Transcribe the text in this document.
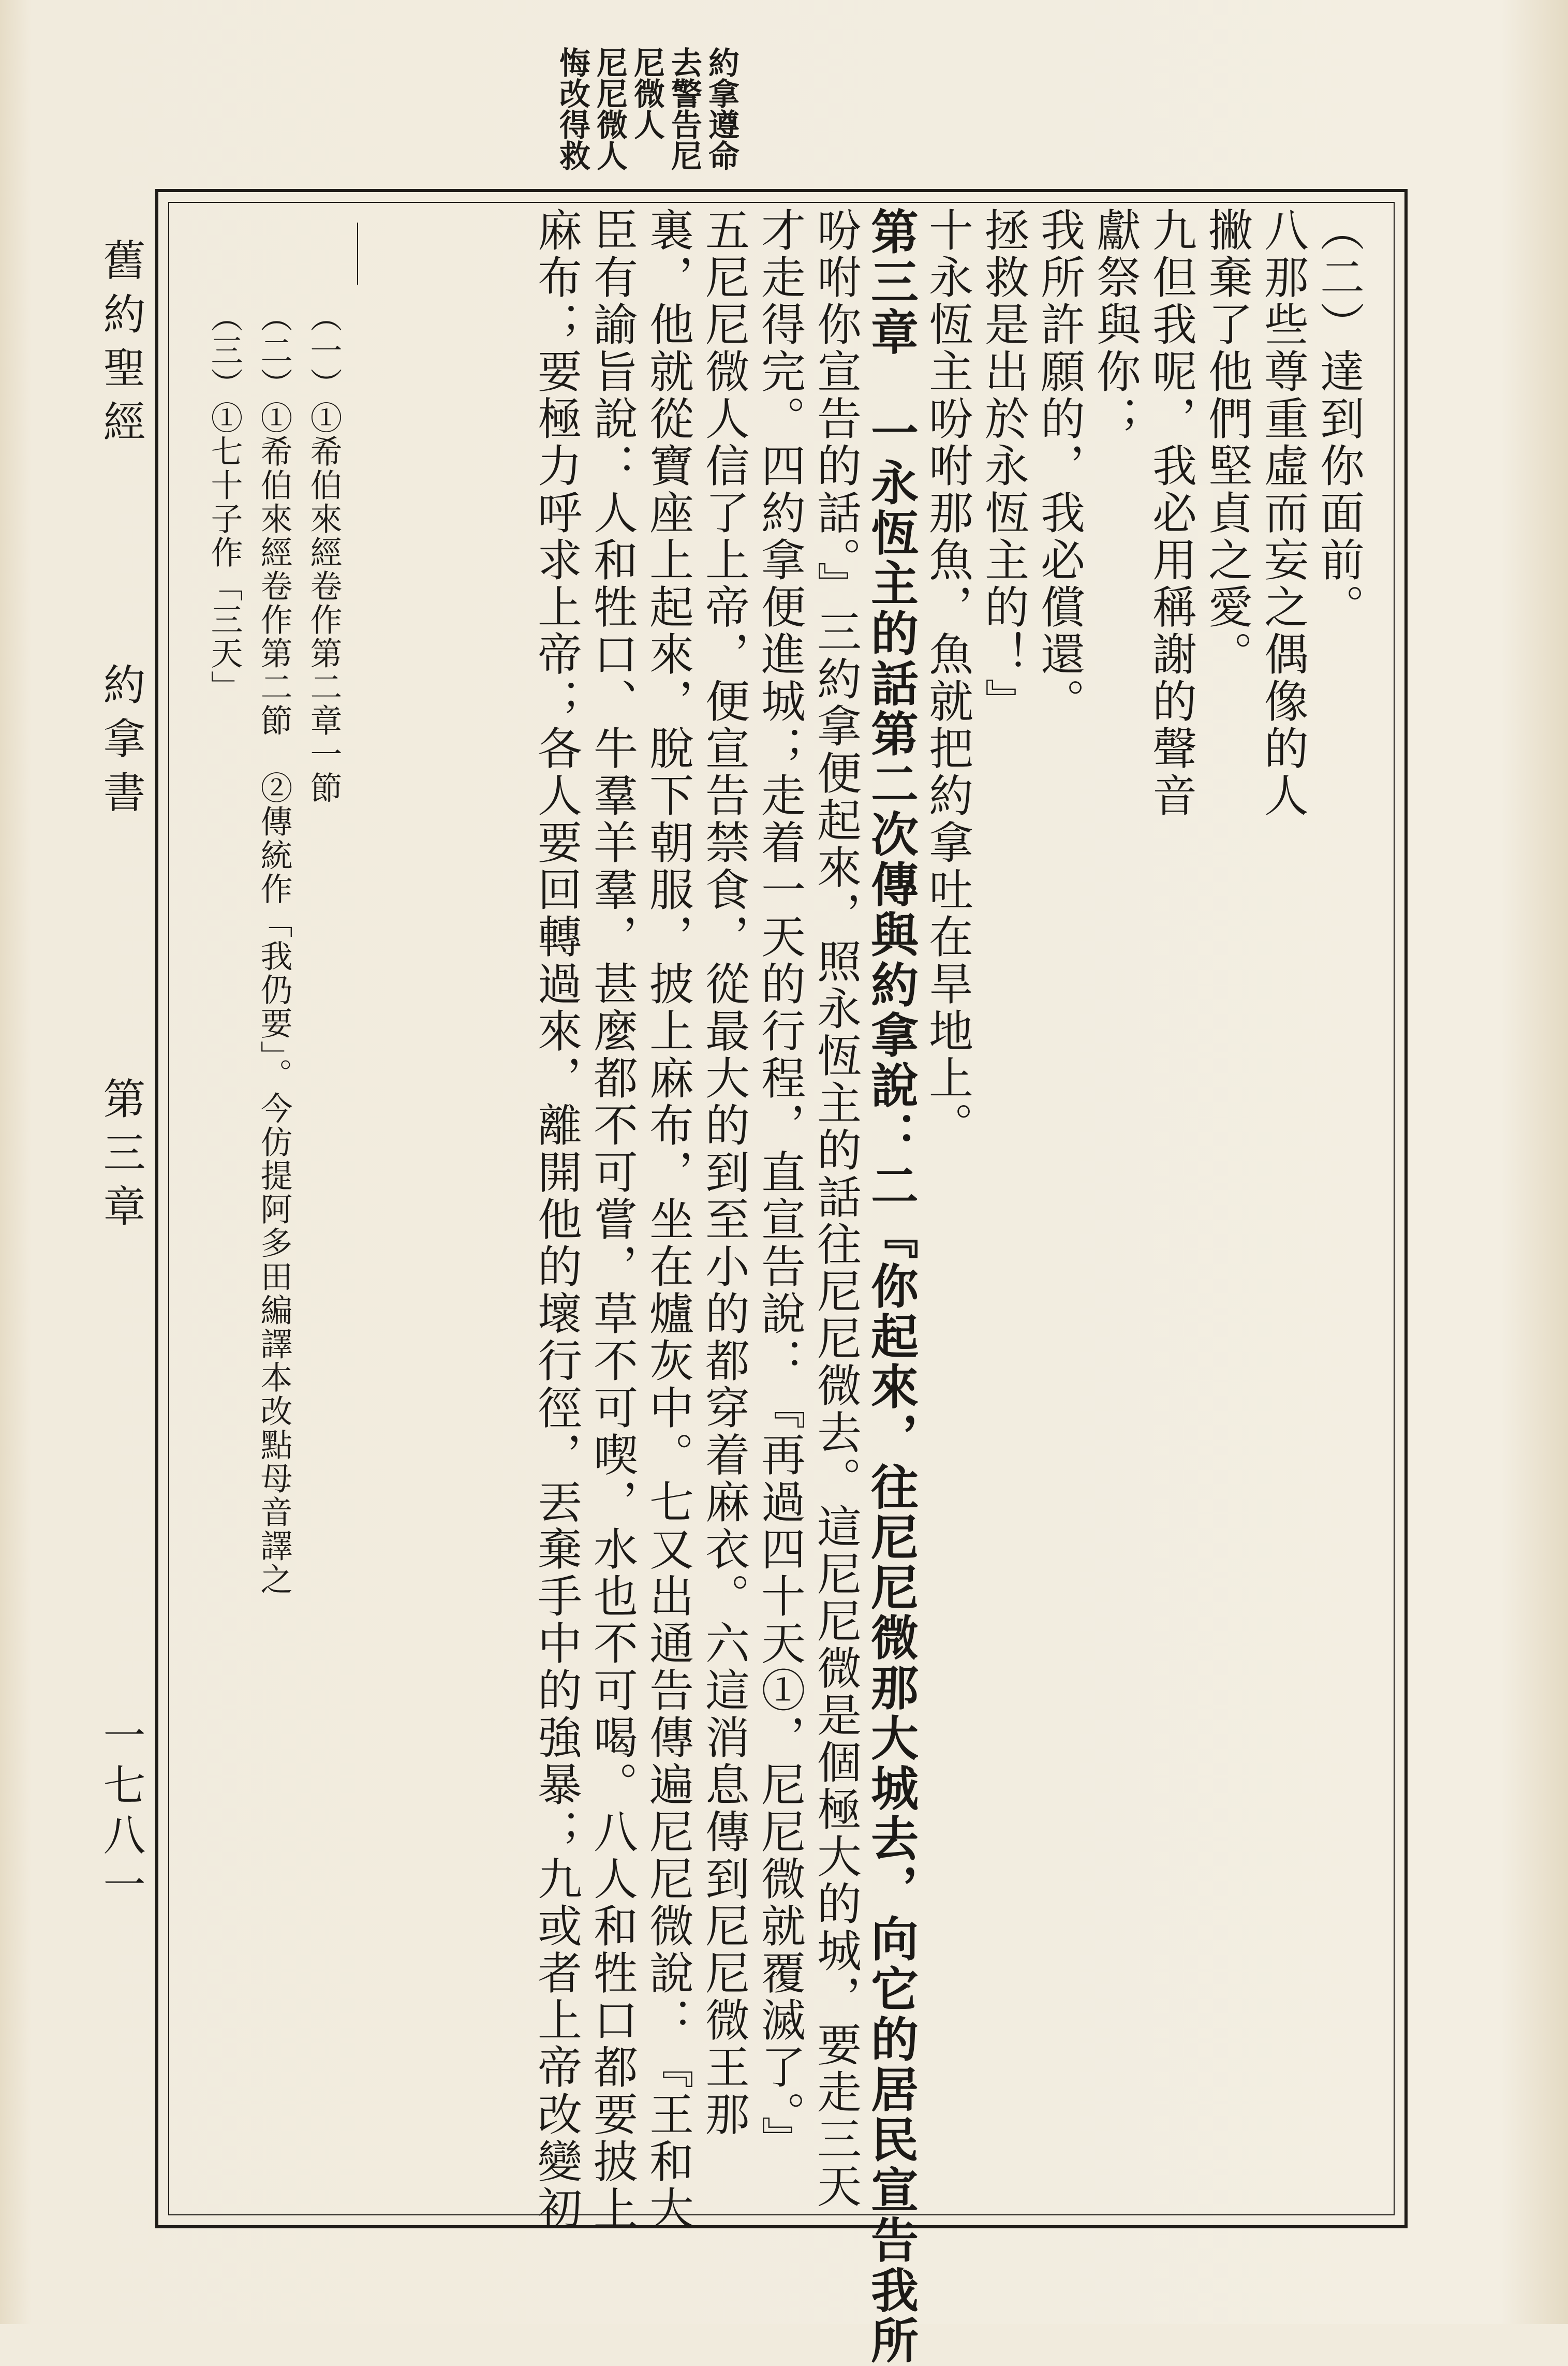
舊約聖經
約拿書
第三章
一七八一
約拿遵命
去警告尼
尼微人
尼尼微人
悔改得救
（二）達到你面前。
八那些尊重虛而妄之偶像的人
撇棄了他們堅貞之愛。
九但我呢，我必用稱謝的聲音
獻祭與你；
我所許願的，我必償還。
拯救是出於永恆主的！』
十永恆主吩咐那魚，魚就把約拿吐在旱地上。
第三章　一永恆主的話第二次傳與約拿說：二『你起來，往尼尼微那大城去，向它的居民宣告我所
吩咐你宣告的話。』三約拿便起來，照永恆主的話往尼尼微去。這尼尼微是個極大的城，要走三天
才走得完。四約拿便進城；走着一天的行程，直宣告說：『再過四十天①，尼尼微就覆滅了。』
五尼尼微人信了上帝，便宣告禁食，從最大的到至小的都穿着麻衣。六這消息傳到尼尼微王那
裏，他就從寶座上起來，脫下朝服，披上麻布，坐在爐灰中。七又出通告傳遍尼尼微說：『王和大
臣有諭旨說：人和牲口、牛羣羊羣，甚麼都不可嘗，草不可喫，水也不可喝。八人和牲口都要披上
麻布；要極力呼求上帝；各人要回轉過來，離開他的壞行徑，丟棄手中的強暴；九或者上帝改變初
（一）①希伯來經卷作第二章一節
（二）①希伯來經卷作第二節　②傳統作「我仍要」。今仿提阿多田編譯本改點母音譯之
（三）①七十子作「三天」
